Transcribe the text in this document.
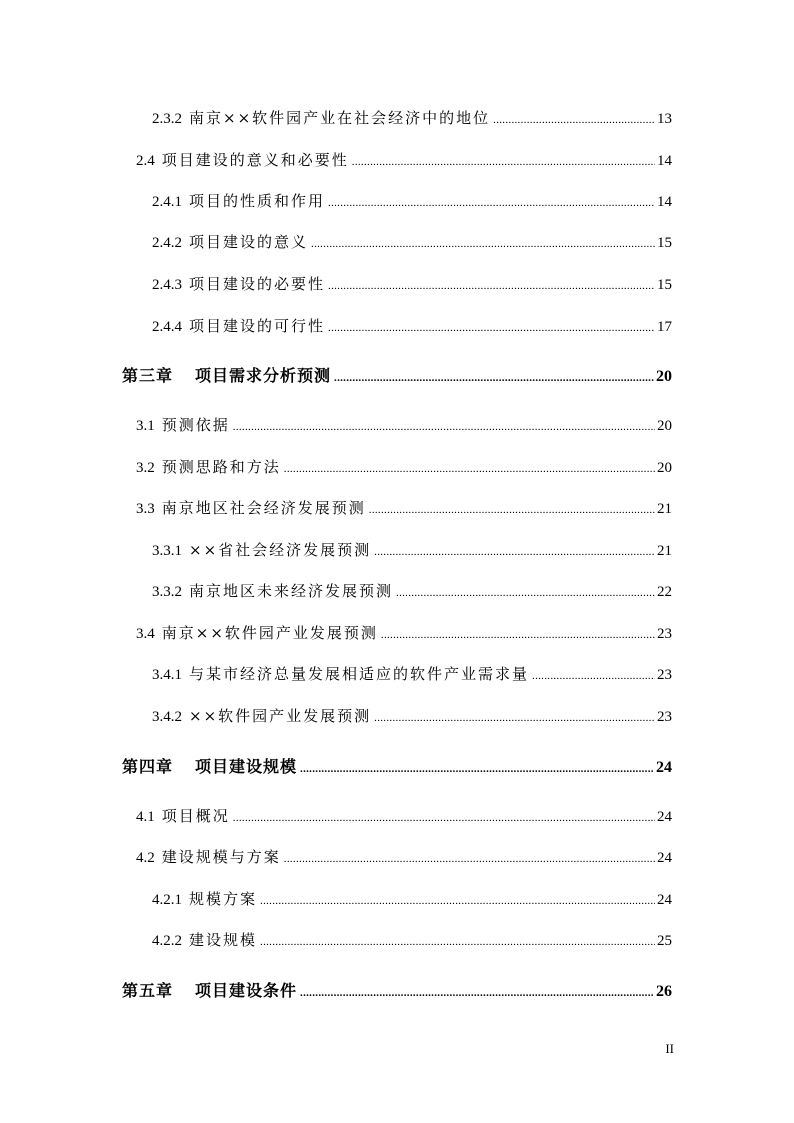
2.3.2 南京××软件园产业在社会经济中的地位 .....	13
2.4 项目建设的意义和必要性 .....	14
2.4.1 项目的性质和作用 .....	14
2.4.2 项目建设的意义 .....	15
2.4.3 项目建设的必要性 .....	15
2.4.4 项目建设的可行性 .....	17
第三章 项目需求分析预测 .....	20
3.1 预测依据 .....	20
3.2 预测思路和方法 .....	20
3.3 南京地区社会经济发展预测 .....	21
3.3.1 ××省社会经济发展预测 .....	21
3.3.2 南京地区未来经济发展预测 .....	22
3.4 南京××软件园产业发展预测 .....	23
3.4.1 与某市经济总量发展相适应的软件产业需求量 .....	23
3.4.2 ××软件园产业发展预测 .....	23
第四章 项目建设规模 .....	24
4.1 项目概况 .....	24
4.2 建设规模与方案 .....	24
4.2.1 规模方案 .....	24
4.2.2 建设规模 .....	25
第五章 项目建设条件 .....	26
II
